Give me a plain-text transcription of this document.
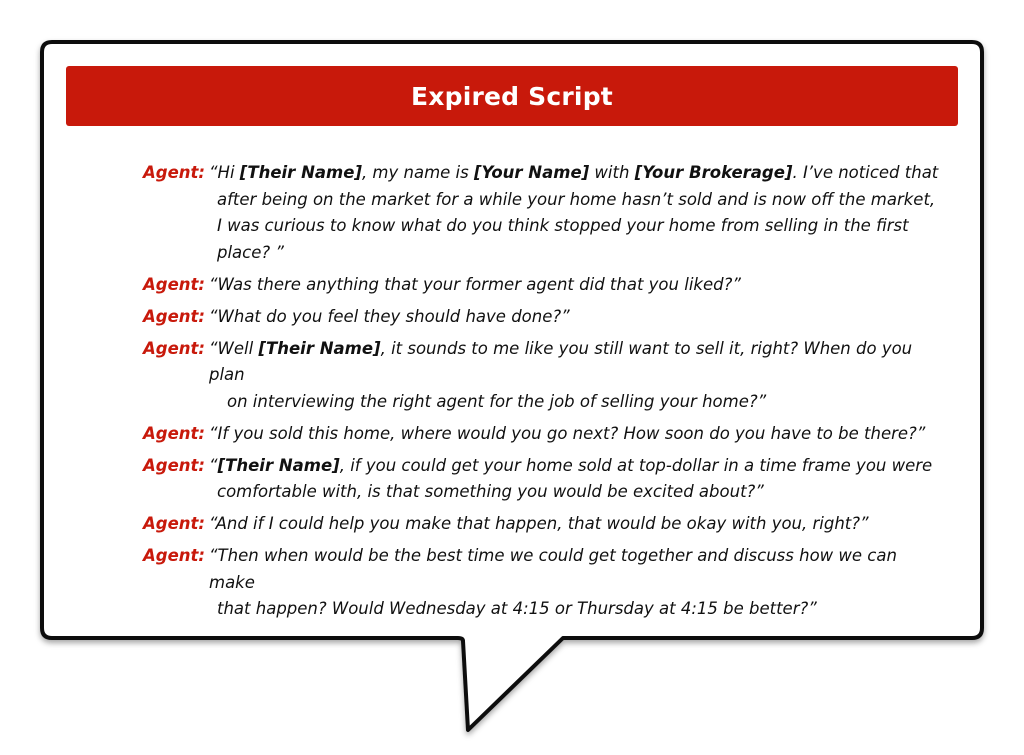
Expired Script
Agent: “Hi [Their Name], my name is [Your Name] with [Your Brokerage]. I’ve noticed that
after being on the market for a while your home hasn’t sold and is now off the market,
I was curious to know what do you think stopped your home from selling in the first
place? ”
Agent: “Was there anything that your former agent did that you liked?”
Agent: “What do you feel they should have done?”
Agent: “Well [Their Name], it sounds to me like you still want to sell it, right? When do you plan
on interviewing the right agent for the job of selling your home?”
Agent: “If you sold this home, where would you go next? How soon do you have to be there?”
Agent: “[Their Name], if you could get your home sold at top-dollar in a time frame you were
comfortable with, is that something you would be excited about?”
Agent: “And if I could help you make that happen, that would be okay with you, right?”
Agent: “Then when would be the best time we could get together and discuss how we can make
that happen? Would Wednesday at 4:15 or Thursday at 4:15 be better?”
